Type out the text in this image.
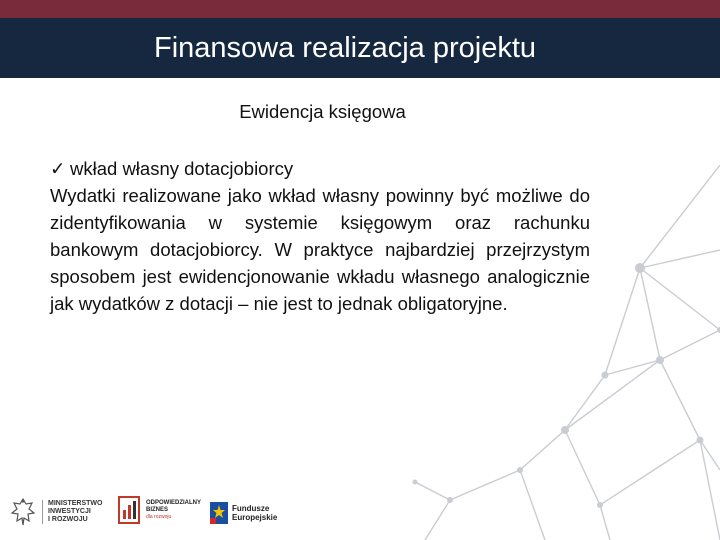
Finansowa realizacja projektu
Ewidencja księgowa
✓ wkład własny dotacjobiorcy
Wydatki realizowane jako wkład własny powinny być możliwe do zidentyfikowania w systemie księgowym oraz rachunku bankowym dotacjobiorcy. W praktyce najbardziej przejrzystym sposobem jest ewidencjonowanie wkładu własnego analogicznie jak wydatków z dotacji – nie jest to jednak obligatoryjne.
MINISTERSTWO
INWESTYCJI
I ROZWOJU
ODPOWIEDZIALNY
BIZNES
dla rozwoju
Fundusze
Europejskie
